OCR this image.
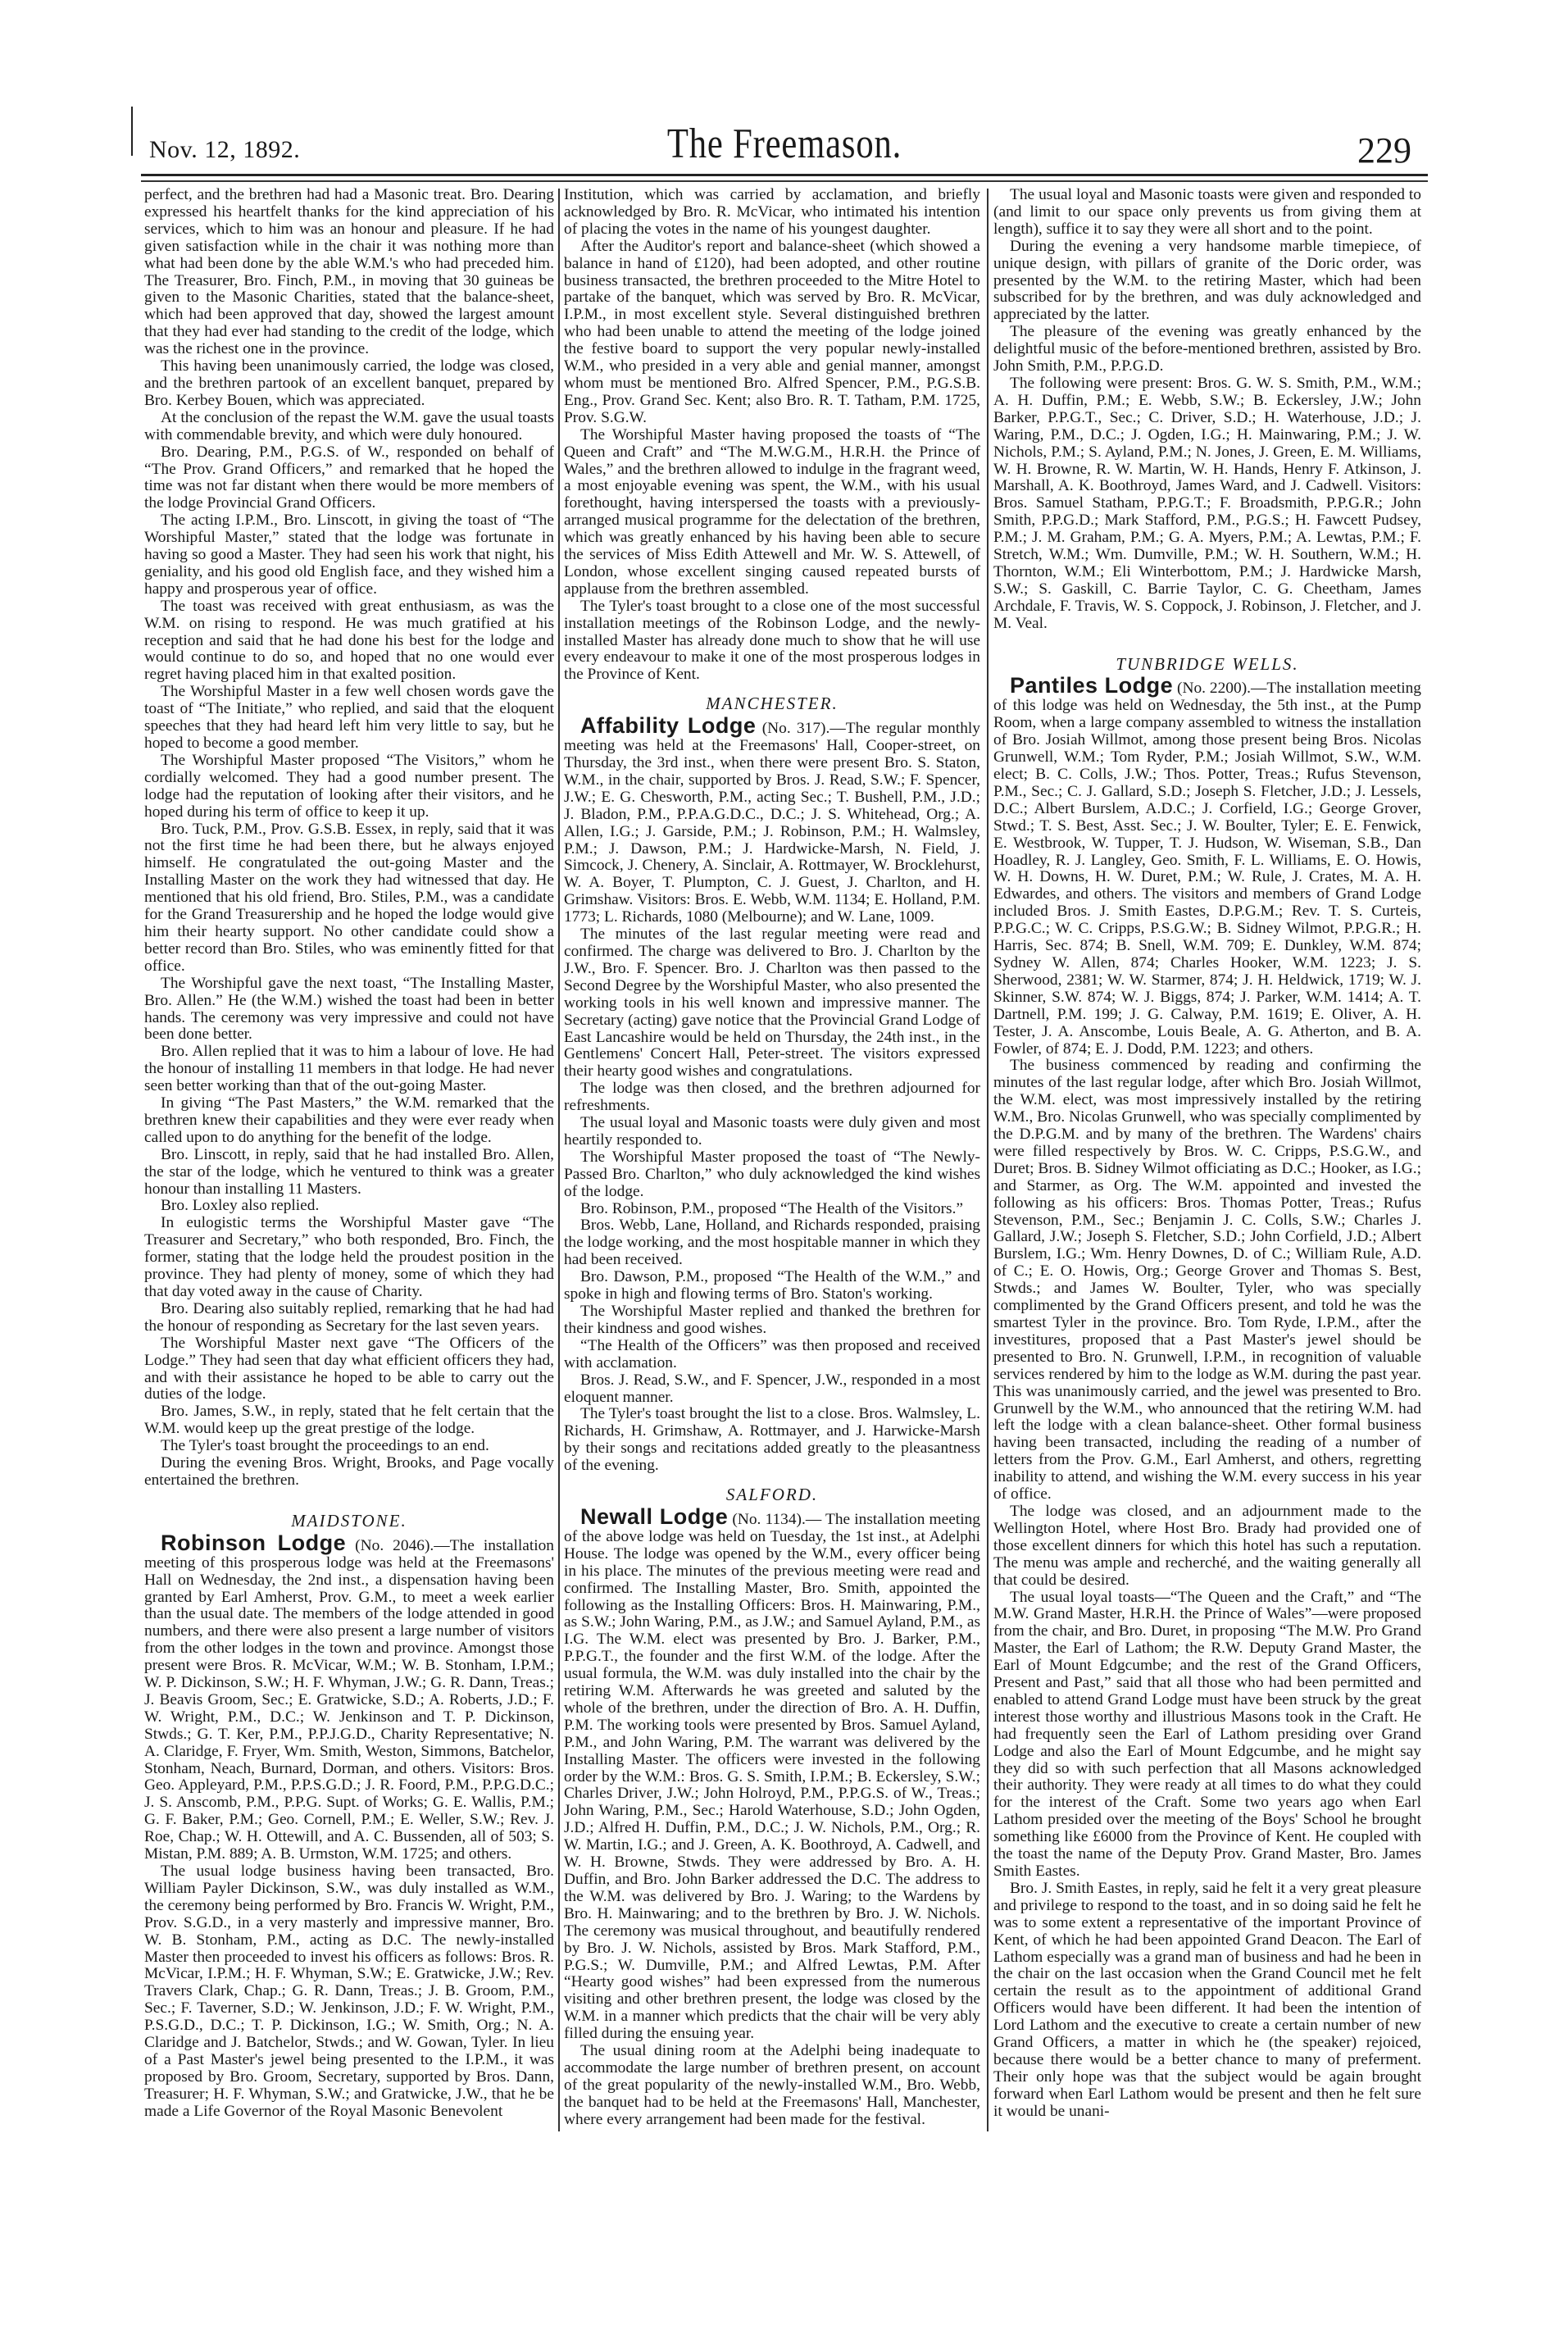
Nov. 12, 1892.	The Freemason.	229

perfect, and the brethren had had a Masonic treat. Bro. Dearing expressed his heartfelt thanks for the kind appreciation of his services, which to him was an honour and pleasure. If he had given satisfaction while in the chair it was nothing more than what had been done by the able W.M.'s who had preceded him. The Treasurer, Bro. Finch, P.M., in moving that 30 guineas be given to the Masonic Charities, stated that the balance-sheet, which had been approved that day, showed the largest amount that they had ever had standing to the credit of the lodge, which was the richest one in the province.

This having been unanimously carried, the lodge was closed, and the brethren partook of an excellent banquet, prepared by Bro. Kerbey Bouen, which was appreciated.

At the conclusion of the repast the W.M. gave the usual toasts with commendable brevity, and which were duly honoured.

Bro. Dearing, P.M., P.G.S. of W., responded on behalf of “The Prov. Grand Officers,” and remarked that he hoped the time was not far distant when there would be more members of the lodge Provincial Grand Officers.

The acting I.P.M., Bro. Linscott, in giving the toast of “The Worshipful Master,” stated that the lodge was fortunate in having so good a Master. They had seen his work that night, his geniality, and his good old English face, and they wished him a happy and prosperous year of office.

The toast was received with great enthusiasm, as was the W.M. on rising to respond. He was much gratified at his reception and said that he had done his best for the lodge and would continue to do so, and hoped that no one would ever regret having placed him in that exalted position.

The Worshipful Master in a few well chosen words gave the toast of “The Initiate,” who replied, and said that the eloquent speeches that they had heard left him very little to say, but he hoped to become a good member.

The Worshipful Master proposed “The Visitors,” whom he cordially welcomed. They had a good number present. The lodge had the reputation of looking after their visitors, and he hoped during his term of office to keep it up.

Bro. Tuck, P.M., Prov. G.S.B. Essex, in reply, said that it was not the first time he had been there, but he always enjoyed himself. He congratulated the out-going Master and the Installing Master on the work they had witnessed that day. He mentioned that his old friend, Bro. Stiles, P.M., was a candidate for the Grand Treasurership and he hoped the lodge would give him their hearty support. No other candidate could show a better record than Bro. Stiles, who was eminently fitted for that office.

The Worshipful gave the next toast, “The Installing Master, Bro. Allen.” He (the W.M.) wished the toast had been in better hands. The ceremony was very impressive and could not have been done better.

Bro. Allen replied that it was to him a labour of love. He had the honour of installing 11 members in that lodge. He had never seen better working than that of the out-going Master.

In giving “The Past Masters,” the W.M. remarked that the brethren knew their capabilities and they were ever ready when called upon to do anything for the benefit of the lodge.

Bro. Linscott, in reply, said that he had installed Bro. Allen, the star of the lodge, which he ventured to think was a greater honour than installing 11 Masters.

Bro. Loxley also replied.

In eulogistic terms the Worshipful Master gave “The Treasurer and Secretary,” who both responded, Bro. Finch, the former, stating that the lodge held the proudest position in the province. They had plenty of money, some of which they had that day voted away in the cause of Charity.

Bro. Dearing also suitably replied, remarking that he had had the honour of responding as Secretary for the last seven years.

The Worshipful Master next gave “The Officers of the Lodge.” They had seen that day what efficient officers they had, and with their assistance he hoped to be able to carry out the duties of the lodge.

Bro. James, S.W., in reply, stated that he felt certain that the W.M. would keep up the great prestige of the lodge.

The Tyler's toast brought the proceedings to an end.

During the evening Bros. Wright, Brooks, and Page vocally entertained the brethren.

MAIDSTONE.

Robinson Lodge (No. 2046).—The installation meeting of this prosperous lodge was held at the Freemasons' Hall on Wednesday, the 2nd inst., a dispensation having been granted by Earl Amherst, Prov. G.M., to meet a week earlier than the usual date. The members of the lodge attended in good numbers, and there were also present a large number of visitors from the other lodges in the town and province. Amongst those present were Bros. R. McVicar, W.M.; W. B. Stonham, I.P.M.; W. P. Dickinson, S.W.; H. F. Whyman, J.W.; G. R. Dann, Treas.; J. Beavis Groom, Sec.; E. Gratwicke, S.D.; A. Roberts, J.D.; F. W. Wright, P.M., D.C.; W. Jenkinson and T. P. Dickinson, Stwds.; G. T. Ker, P.M., P.P.J.G.D., Charity Representative; N. A. Claridge, F. Fryer, Wm. Smith, Weston, Simmons, Batchelor, Stonham, Neach, Burnard, Dorman, and others. Visitors: Bros. Geo. Appleyard, P.M., P.P.S.G.D.; J. R. Foord, P.M., P.P.G.D.C.; J. S. Anscomb, P.M., P.P.G. Supt. of Works; G. E. Wallis, P.M.; G. F. Baker, P.M.; Geo. Cornell, P.M.; E. Weller, S.W.; Rev. J. Roe, Chap.; W. H. Ottewill, and A. C. Bussenden, all of 503; S. Mistan, P.M. 889; A. B. Urmston, W.M. 1725; and others.

The usual lodge business having been transacted, Bro. William Payler Dickinson, S.W., was duly installed as W.M., the ceremony being performed by Bro. Francis W. Wright, P.M., Prov. S.G.D., in a very masterly and impressive manner, Bro. W. B. Stonham, P.M., acting as D.C. The newly-installed Master then proceeded to invest his officers as follows: Bros. R. McVicar, I.P.M.; H. F. Whyman, S.W.; E. Gratwicke, J.W.; Rev. Travers Clark, Chap.; G. R. Dann, Treas.; J. B. Groom, P.M., Sec.; F. Taverner, S.D.; W. Jenkinson, J.D.; F. W. Wright, P.M., P.S.G.D., D.C.; T. P. Dickinson, I.G.; W. Smith, Org.; N. A. Claridge and J. Batchelor, Stwds.; and W. Gowan, Tyler. In lieu of a Past Master's jewel being presented to the I.P.M., it was proposed by Bro. Groom, Secretary, supported by Bros. Dann, Treasurer; H. F. Whyman, S.W.; and Gratwicke, J.W., that he be made a Life Governor of the Royal Masonic Benevolent

Institution, which was carried by acclamation, and briefly acknowledged by Bro. R. McVicar, who intimated his intention of placing the votes in the name of his youngest daughter.

After the Auditor's report and balance-sheet (which showed a balance in hand of £120), had been adopted, and other routine business transacted, the brethren proceeded to the Mitre Hotel to partake of the banquet, which was served by Bro. R. McVicar, I.P.M., in most excellent style. Several distinguished brethren who had been unable to attend the meeting of the lodge joined the festive board to support the very popular newly-installed W.M., who presided in a very able and genial manner, amongst whom must be mentioned Bro. Alfred Spencer, P.M., P.G.S.B. Eng., Prov. Grand Sec. Kent; also Bro. R. T. Tatham, P.M. 1725, Prov. S.G.W.

The Worshipful Master having proposed the toasts of “The Queen and Craft” and “The M.W.G.M., H.R.H. the Prince of Wales,” and the brethren allowed to indulge in the fragrant weed, a most enjoyable evening was spent, the W.M., with his usual forethought, having interspersed the toasts with a previously-arranged musical programme for the delectation of the brethren, which was greatly enhanced by his having been able to secure the services of Miss Edith Attewell and Mr. W. S. Attewell, of London, whose excellent singing caused repeated bursts of applause from the brethren assembled.

The Tyler's toast brought to a close one of the most successful installation meetings of the Robinson Lodge, and the newly-installed Master has already done much to show that he will use every endeavour to make it one of the most prosperous lodges in the Province of Kent.

MANCHESTER.

Affability Lodge (No. 317).—The regular monthly meeting was held at the Freemasons' Hall, Cooper-street, on Thursday, the 3rd inst., when there were present Bro. S. Staton, W.M., in the chair, supported by Bros. J. Read, S.W.; F. Spencer, J.W.; E. G. Chesworth, P.M., acting Sec.; T. Bushell, P.M., J.D.; J. Bladon, P.M., P.P.A.G.D.C., D.C.; J. S. Whitehead, Org.; A. Allen, I.G.; J. Garside, P.M.; J. Robinson, P.M.; H. Walmsley, P.M.; J. Dawson, P.M.; J. Hardwicke-Marsh, N. Field, J. Simcock, J. Chenery, A. Sinclair, A. Rottmayer, W. Brocklehurst, W. A. Boyer, T. Plumpton, C. J. Guest, J. Charlton, and H. Grimshaw. Visitors: Bros. E. Webb, W.M. 1134; E. Holland, P.M. 1773; L. Richards, 1080 (Melbourne); and W. Lane, 1009.

The minutes of the last regular meeting were read and confirmed. The charge was delivered to Bro. J. Charlton by the J.W., Bro. F. Spencer. Bro. J. Charlton was then passed to the Second Degree by the Worshipful Master, who also presented the working tools in his well known and impressive manner. The Secretary (acting) gave notice that the Provincial Grand Lodge of East Lancashire would be held on Thursday, the 24th inst., in the Gentlemens' Concert Hall, Peter-street. The visitors expressed their hearty good wishes and congratulations.

The lodge was then closed, and the brethren adjourned for refreshments.

The usual loyal and Masonic toasts were duly given and most heartily responded to.

The Worshipful Master proposed the toast of “The Newly-Passed Bro. Charlton,” who duly acknowledged the kind wishes of the lodge.

Bro. Robinson, P.M., proposed “The Health of the Visitors.”

Bros. Webb, Lane, Holland, and Richards responded, praising the lodge working, and the most hospitable manner in which they had been received.

Bro. Dawson, P.M., proposed “The Health of the W.M.,” and spoke in high and flowing terms of Bro. Staton's working.

The Worshipful Master replied and thanked the brethren for their kindness and good wishes.

“The Health of the Officers” was then proposed and received with acclamation.

Bros. J. Read, S.W., and F. Spencer, J.W., responded in a most eloquent manner.

The Tyler's toast brought the list to a close. Bros. Walmsley, L. Richards, H. Grimshaw, A. Rottmayer, and J. Harwicke-Marsh by their songs and recitations added greatly to the pleasantness of the evening.

SALFORD.

Newall Lodge (No. 1134).— The installation meeting of the above lodge was held on Tuesday, the 1st inst., at Adelphi House. The lodge was opened by the W.M., every officer being in his place. The minutes of the previous meeting were read and confirmed. The Installing Master, Bro. Smith, appointed the following as the Installing Officers: Bros. H. Mainwaring, P.M., as S.W.; John Waring, P.M., as J.W.; and Samuel Ayland, P.M., as I.G. The W.M. elect was presented by Bro. J. Barker, P.M., P.P.G.T., the founder and the first W.M. of the lodge. After the usual formula, the W.M. was duly installed into the chair by the retiring W.M. Afterwards he was greeted and saluted by the whole of the brethren, under the direction of Bro. A. H. Duffin, P.M. The working tools were presented by Bros. Samuel Ayland, P.M., and John Waring, P.M. The warrant was delivered by the Installing Master. The officers were invested in the following order by the W.M.: Bros. G. S. Smith, I.P.M.; B. Eckersley, S.W.; Charles Driver, J.W.; John Holroyd, P.M., P.P.G.S. of W., Treas.; John Waring, P.M., Sec.; Harold Waterhouse, S.D.; John Ogden, J.D.; Alfred H. Duffin, P.M., D.C.; J. W. Nichols, P.M., Org.; R. W. Martin, I.G.; and J. Green, A. K. Boothroyd, A. Cadwell, and W. H. Browne, Stwds. They were addressed by Bro. A. H. Duffin, and Bro. John Barker addressed the D.C. The address to the W.M. was delivered by Bro. J. Waring; to the Wardens by Bro. H. Mainwaring; and to the brethren by Bro. J. W. Nichols. The ceremony was musical throughout, and beautifully rendered by Bro. J. W. Nichols, assisted by Bros. Mark Stafford, P.M., P.G.S.; W. Dumville, P.M.; and Alfred Lewtas, P.M. After “Hearty good wishes” had been expressed from the numerous visiting and other brethren present, the lodge was closed by the W.M. in a manner which predicts that the chair will be very ably filled during the ensuing year.

The usual dining room at the Adelphi being inadequate to accommodate the large number of brethren present, on account of the great popularity of the newly-installed W.M., Bro. Webb, the banquet had to be held at the Freemasons' Hall, Manchester, where every arrangement had been made for the festival.

The usual loyal and Masonic toasts were given and responded to (and limit to our space only prevents us from giving them at length), suffice it to say they were all short and to the point.

During the evening a very handsome marble timepiece, of unique design, with pillars of granite of the Doric order, was presented by the W.M. to the retiring Master, which had been subscribed for by the brethren, and was duly acknowledged and appreciated by the latter.

The pleasure of the evening was greatly enhanced by the delightful music of the before-mentioned brethren, assisted by Bro. John Smith, P.M., P.P.G.D.

The following were present: Bros. G. W. S. Smith, P.M., W.M.; A. H. Duffin, P.M.; E. Webb, S.W.; B. Eckersley, J.W.; John Barker, P.P.G.T., Sec.; C. Driver, S.D.; H. Waterhouse, J.D.; J. Waring, P.M., D.C.; J. Ogden, I.G.; H. Mainwaring, P.M.; J. W. Nichols, P.M.; S. Ayland, P.M.; N. Jones, J. Green, E. M. Williams, W. H. Browne, R. W. Martin, W. H. Hands, Henry F. Atkinson, J. Marshall, A. K. Boothroyd, James Ward, and J. Cadwell. Visitors: Bros. Samuel Statham, P.P.G.T.; F. Broadsmith, P.P.G.R.; John Smith, P.P.G.D.; Mark Stafford, P.M., P.G.S.; H. Fawcett Pudsey, P.M.; J. M. Graham, P.M.; G. A. Myers, P.M.; A. Lewtas, P.M.; F. Stretch, W.M.; Wm. Dumville, P.M.; W. H. Southern, W.M.; H. Thornton, W.M.; Eli Winterbottom, P.M.; J. Hardwicke Marsh, S.W.; S. Gaskill, C. Barrie Taylor, C. G. Cheetham, James Archdale, F. Travis, W. S. Coppock, J. Robinson, J. Fletcher, and J. M. Veal.

TUNBRIDGE WELLS.

Pantiles Lodge (No. 2200).—The installation meeting of this lodge was held on Wednesday, the 5th inst., at the Pump Room, when a large company assembled to witness the installation of Bro. Josiah Willmot, among those present being Bros. Nicolas Grunwell, W.M.; Tom Ryder, P.M.; Josiah Willmot, S.W., W.M. elect; B. C. Colls, J.W.; Thos. Potter, Treas.; Rufus Stevenson, P.M., Sec.; C. J. Gallard, S.D.; Joseph S. Fletcher, J.D.; J. Lessels, D.C.; Albert Burslem, A.D.C.; J. Corfield, I.G.; George Grover, Stwd.; T. S. Best, Asst. Sec.; J. W. Boulter, Tyler; E. E. Fenwick, E. Westbrook, W. Tupper, T. J. Hudson, W. Wiseman, S.B., Dan Hoadley, R. J. Langley, Geo. Smith, F. L. Williams, E. O. Howis, W. H. Downs, H. W. Duret, P.M.; W. Rule, J. Crates, M. A. H. Edwardes, and others. The visitors and members of Grand Lodge included Bros. J. Smith Eastes, D.P.G.M.; Rev. T. S. Curteis, P.P.G.C.; W. C. Cripps, P.S.G.W.; B. Sidney Wilmot, P.P.G.R.; H. Harris, Sec. 874; B. Snell, W.M. 709; E. Dunkley, W.M. 874; Sydney W. Allen, 874; Charles Hooker, W.M. 1223; J. S. Sherwood, 2381; W. W. Starmer, 874; J. H. Heldwick, 1719; W. J. Skinner, S.W. 874; W. J. Biggs, 874; J. Parker, W.M. 1414; A. T. Dartnell, P.M. 199; J. G. Calway, P.M. 1619; E. Oliver, A. H. Tester, J. A. Anscombe, Louis Beale, A. G. Atherton, and B. A. Fowler, of 874; E. J. Dodd, P.M. 1223; and others.

The business commenced by reading and confirming the minutes of the last regular lodge, after which Bro. Josiah Willmot, the W.M. elect, was most impressively installed by the retiring W.M., Bro. Nicolas Grunwell, who was specially complimented by the D.P.G.M. and by many of the brethren. The Wardens' chairs were filled respectively by Bros. W. C. Cripps, P.S.G.W., and Duret; Bros. B. Sidney Wilmot officiating as D.C.; Hooker, as I.G.; and Starmer, as Org. The W.M. appointed and invested the following as his officers: Bros. Thomas Potter, Treas.; Rufus Stevenson, P.M., Sec.; Benjamin J. C. Colls, S.W.; Charles J. Gallard, J.W.; Joseph S. Fletcher, S.D.; John Corfield, J.D.; Albert Burslem, I.G.; Wm. Henry Downes, D. of C.; William Rule, A.D. of C.; E. O. Howis, Org.; George Grover and Thomas S. Best, Stwds.; and James W. Boulter, Tyler, who was specially complimented by the Grand Officers present, and told he was the smartest Tyler in the province. Bro. Tom Ryde, I.P.M., after the investitures, proposed that a Past Master's jewel should be presented to Bro. N. Grunwell, I.P.M., in recognition of valuable services rendered by him to the lodge as W.M. during the past year. This was unanimously carried, and the jewel was presented to Bro. Grunwell by the W.M., who announced that the retiring W.M. had left the lodge with a clean balance-sheet. Other formal business having been transacted, including the reading of a number of letters from the Prov. G.M., Earl Amherst, and others, regretting inability to attend, and wishing the W.M. every success in his year of office.

The lodge was closed, and an adjournment made to the Wellington Hotel, where Host Bro. Brady had provided one of those excellent dinners for which this hotel has such a reputation. The menu was ample and recherché, and the waiting generally all that could be desired.

The usual loyal toasts—“The Queen and the Craft,” and “The M.W. Grand Master, H.R.H. the Prince of Wales”—were proposed from the chair, and Bro. Duret, in proposing “The M.W. Pro Grand Master, the Earl of Lathom; the R.W. Deputy Grand Master, the Earl of Mount Edgcumbe; and the rest of the Grand Officers, Present and Past,” said that all those who had been permitted and enabled to attend Grand Lodge must have been struck by the great interest those worthy and illustrious Masons took in the Craft. He had frequently seen the Earl of Lathom presiding over Grand Lodge and also the Earl of Mount Edgcumbe, and he might say they did so with such perfection that all Masons acknowledged their authority. They were ready at all times to do what they could for the interest of the Craft. Some two years ago when Earl Lathom presided over the meeting of the Boys' School he brought something like £6000 from the Province of Kent. He coupled with the toast the name of the Deputy Prov. Grand Master, Bro. James Smith Eastes.

Bro. J. Smith Eastes, in reply, said he felt it a very great pleasure and privilege to respond to the toast, and in so doing said he felt he was to some extent a representative of the important Province of Kent, of which he had been appointed Grand Deacon. The Earl of Lathom especially was a grand man of business and had he been in the chair on the last occasion when the Grand Council met he felt certain the result as to the appointment of additional Grand Officers would have been different. It had been the intention of Lord Lathom and the executive to create a certain number of new Grand Officers, a matter in which he (the speaker) rejoiced, because there would be a better chance to many of preferment. Their only hope was that the subject would be again brought forward when Earl Lathom would be present and then he felt sure it would be unani-
